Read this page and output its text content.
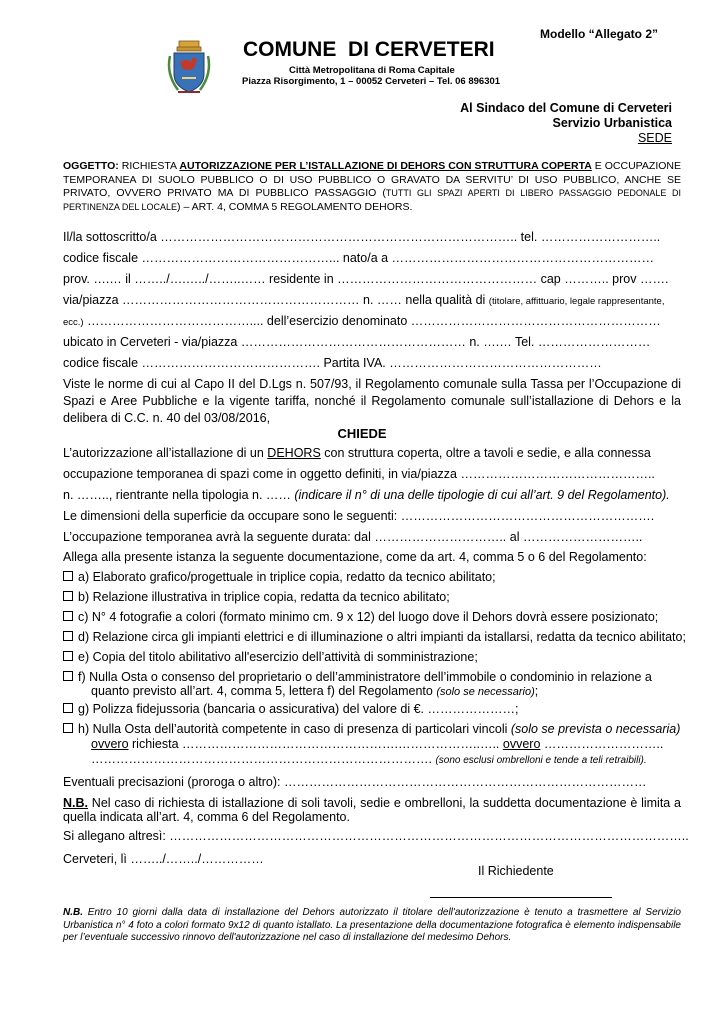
Modello “Allegato 2”
COMUNE  DI CERVETERI
Città Metropolitana di Roma Capitale
Piazza Risorgimento, 1 – 00052 Cerveteri – Tel. 06 896301
Al Sindaco del Comune di Cerveteri
Servizio Urbanistica
SEDE
OGGETTO: RICHIESTA AUTORIZZAZIONE PER L’ISTALLAZIONE DI DEHORS CON STRUTTURA COPERTA E OCCUPAZIONE TEMPORANEA DI SUOLO PUBBLICO O DI USO PUBBLICO O GRAVATO DA SERVITU’ DI USO PUBBLICO, ANCHE SE PRIVATO, OVVERO PRIVATO MA DI PUBBLICO PASSAGGIO (TUTTI GLI SPAZI APERTI DI LIBERO PASSAGGIO PEDONALE DI PERTINENZA DEL LOCALE) – ART. 4, COMMA 5 REGOLAMENTO DEHORS.
Il/la sottoscritto/a ………………………………………………………………………….. tel. ………………………..
codice fiscale ………………………………………... nato/a a ………………………………………………………
prov. ….… il ……../….…../……..…… residente in ………………………………………… cap ……….. prov …….
via/piazza ………………………………………………… n. …… nella qualità di (titolare, affittuario, legale rappresentante,
ecc.) ………………………………….... dell’esercizio denominato ……………………………………………………
ubicato in Cerveteri - via/piazza ……………………………………………… n. ….… Tel. ………………………
codice fiscale ……………………………………. Partita IVA. ……………………………………………
Viste le norme di cui al Capo II del D.Lgs n. 507/93, il Regolamento comunale sulla Tassa per l’Occupazione di Spazi e Aree Pubbliche e la vigente tariffa, nonché il Regolamento comunale sull’istallazione di Dehors e la delibera di C.C. n. 40 del 03/08/2016,
CHIEDE
L’autorizzazione all’istallazione di un DEHORS con struttura coperta, oltre a tavoli e sedie, e alla connessa
occupazione temporanea di spazi come in oggetto definiti, in via/piazza ………………………………………..
n. …….., rientrante nella tipologia n. …… (indicare il n° di una delle tipologie di cui all’art. 9 del Regolamento).
Le dimensioni della superficie da occupare sono le seguenti: …………………………………………………….
L’occupazione temporanea avrà la seguente durata: dal ………………………….. al ………………………..
Allega alla presente istanza la seguente documentazione, come da art. 4, comma 5 o 6 del Regolamento:
a) Elaborato grafico/progettuale in triplice copia, redatto da tecnico abilitato;
b) Relazione illustrativa in triplice copia, redatta da tecnico abilitato;
c) N° 4 fotografie a colori (formato minimo cm. 9 x 12) del luogo dove il Dehors dovrà essere posizionato;
d) Relazione circa gli impianti elettrici e di illuminazione o altri impianti da istallarsi, redatta da tecnico abilitato;
e) Copia del titolo abilitativo all'esercizio dell’attività di somministrazione;
f) Nulla Osta o consenso del proprietario o dell’amministratore dell’immobile o condominio in relazione a
quanto previsto all’art. 4, comma 5, lettera f) del Regolamento (solo se necessario);
g) Polizza fidejussoria (bancaria o assicurativa) del valore di €. …………………;
h) Nulla Osta dell’autorità competente in caso di presenza di particolari vincoli (solo se prevista o necessaria)
ovvero richiesta …………………………………………….………………..….. ovvero ………………………..
………………………………………………………………………. (sono esclusi ombrelloni e tende a teli retraibili).
Eventuali precisazioni (proroga o altro): ……………………………………………………………………………
N.B. Nel caso di richiesta di istallazione di soli tavoli, sedie e ombrelloni, la suddetta documentazione è limita a quella indicata all’art. 4, comma 6 del Regolamento.
Si allegano altresì: ……………………………………………………………………………………………………………..
Cerveteri, lì ……../……../……………
Il Richiedente
N.B. Entro 10 giorni dalla data di installazione del Dehors autorizzato il titolare dell'autorizzazione è tenuto a trasmettere al Servizio Urbanistica n° 4 foto a colori formato 9x12 di quanto istallato. La presentazione della documentazione fotografica è elemento indispensabile per l’eventuale successivo rinnovo dell'autorizzazione nel caso di installazione del medesimo Dehors.
